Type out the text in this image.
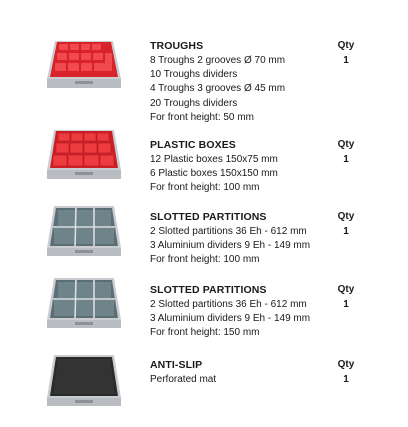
TROUGHS
8 Troughs 2 grooves Ø 70 mm
10 Troughs dividers
4 Troughs 3 grooves Ø 45 mm
20 Troughs dividers
For front height: 50 mm
Qty
1
PLASTIC BOXES
12 Plastic boxes 150x75 mm
6 Plastic boxes 150x150 mm
For front height: 100 mm
Qty
1
SLOTTED PARTITIONS
2 Slotted partitions 36 Eh - 612 mm
3 Aluminium dividers 9 Eh - 149 mm
For front height: 100 mm
Qty
1
SLOTTED PARTITIONS
2 Slotted partitions 36 Eh - 612 mm
3 Aluminium dividers 9 Eh - 149 mm
For front height: 150 mm
Qty
1
ANTI-SLIP
Perforated mat
Qty
1
